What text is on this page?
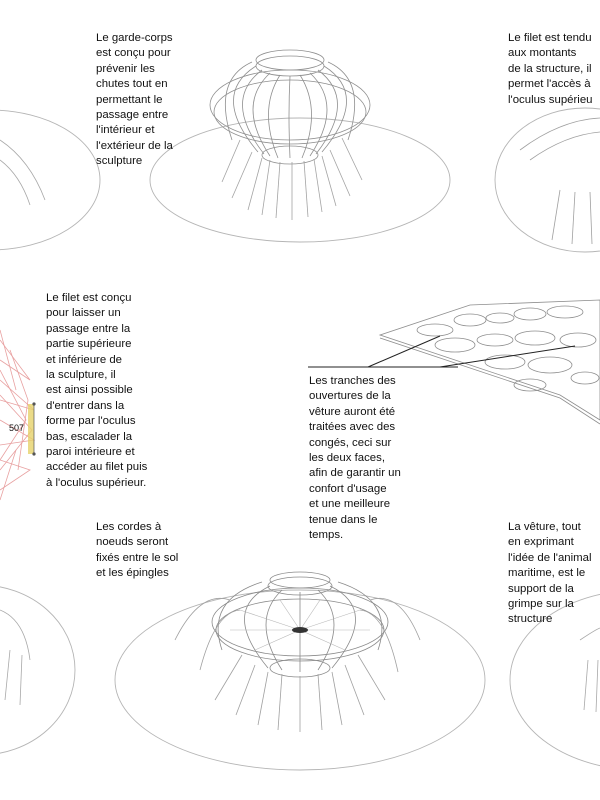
Le garde-corps
est conçu pour
prévenir les
chutes tout en
permettant le
passage entre
l'intérieur et
l'extérieur de la
sculpture

Le filet est tendu
aux montants
de la structure, il
permet l'accès à
l'oculus supérieu

Le filet est conçu
pour laisser un
passage entre la
partie supérieure
et inférieure de
la sculpture, il
est ainsi possible
d'entrer dans la
forme par l'oculus
bas, escalader la
paroi intérieure et
accéder au filet puis
à l'oculus supérieur.

Les tranches des
ouvertures de la
vêture auront été
traitées avec des
congés, ceci sur
les deux faces,
afin de garantir un
confort d'usage
et une meilleure
tenue dans le
temps.

Les cordes à
noeuds seront
fixés entre le sol
et les épingles

La vêture, tout
en exprimant
l'idée de l'animal
maritime, est le
support de la
grimpe sur la
structure

507
